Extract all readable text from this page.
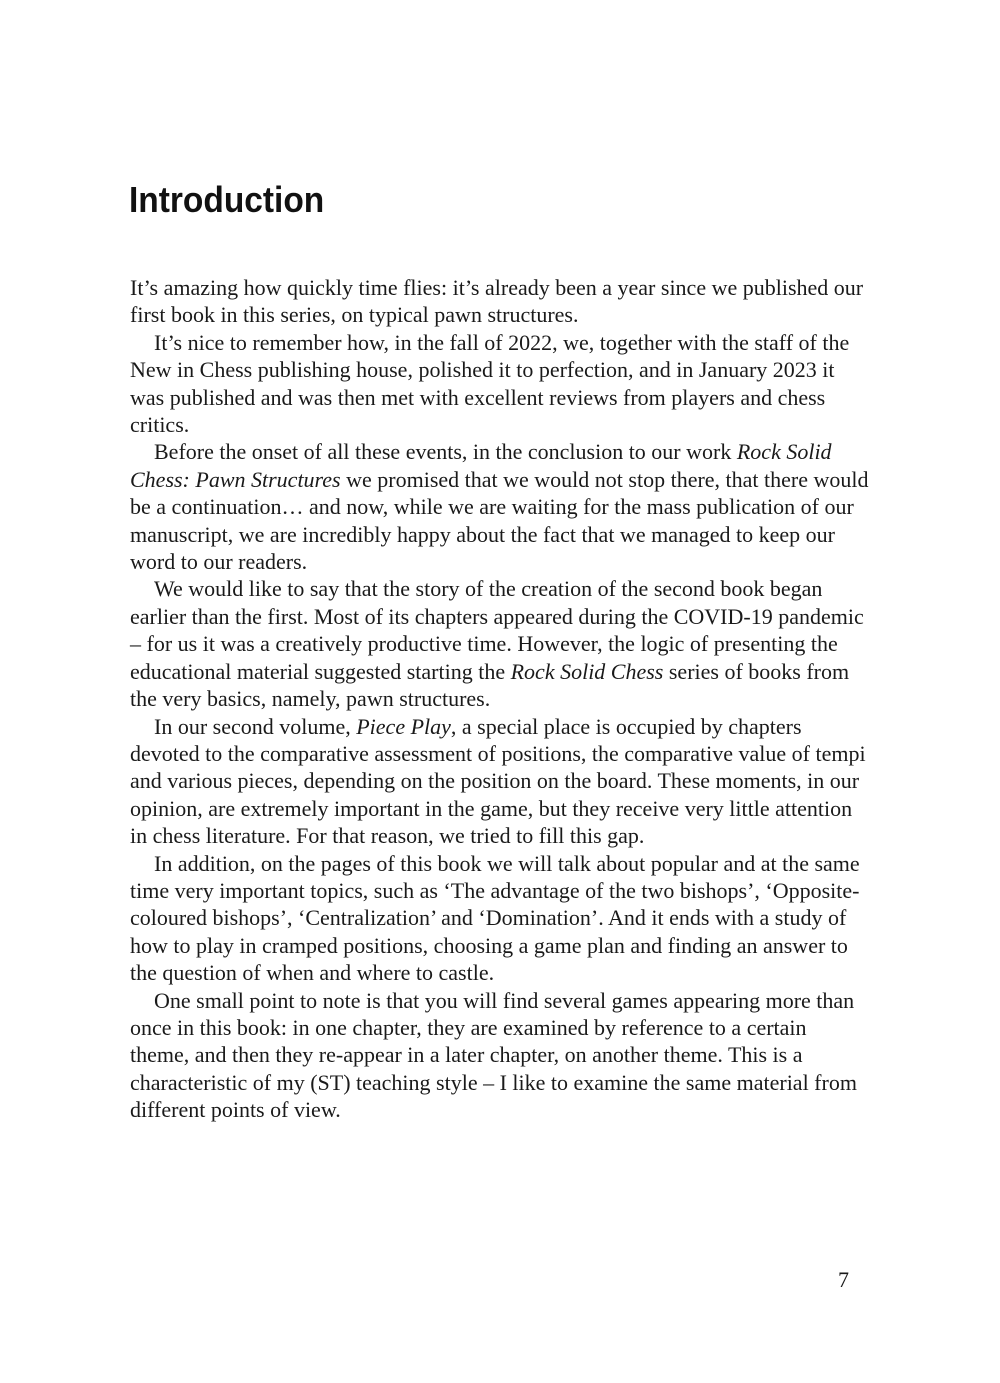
Introduction

It’s amazing how quickly time flies: it’s already been a year since we published our first book in this series, on typical pawn structures.

It’s nice to remember how, in the fall of 2022, we, together with the staff of the New in Chess publishing house, polished it to perfection, and in January 2023 it was published and was then met with excellent reviews from players and chess critics.

Before the onset of all these events, in the conclusion to our work Rock Solid Chess: Pawn Structures we promised that we would not stop there, that there would be a continuation… and now, while we are waiting for the mass publication of our manuscript, we are incredibly happy about the fact that we managed to keep our word to our readers.

We would like to say that the story of the creation of the second book began earlier than the first. Most of its chapters appeared during the COVID-19 pandemic – for us it was a creatively productive time. However, the logic of presenting the educational material suggested starting the Rock Solid Chess series of books from the very basics, namely, pawn structures.

In our second volume, Piece Play, a special place is occupied by chapters devoted to the comparative assessment of positions, the comparative value of tempi and various pieces, depending on the position on the board. These moments, in our opinion, are extremely important in the game, but they receive very little attention in chess literature. For that reason, we tried to fill this gap.

In addition, on the pages of this book we will talk about popular and at the same time very important topics, such as ‘The advantage of the two bishops’, ‘Opposite-coloured bishops’, ‘Centralization’ and ‘Domination’. And it ends with a study of how to play in cramped positions, choosing a game plan and finding an answer to the question of when and where to castle.

One small point to note is that you will find several games appearing more than once in this book: in one chapter, they are examined by reference to a certain theme, and then they re-appear in a later chapter, on another theme. This is a characteristic of my (ST) teaching style – I like to examine the same material from different points of view.

7
